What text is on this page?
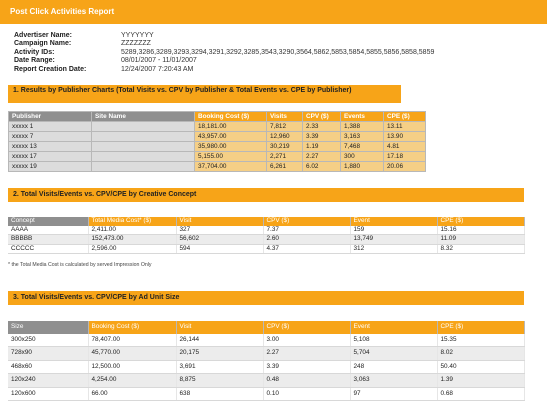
Post Click Activities Report
Advertiser Name:	YYYYYYY
Campaign Name:	ZZZZZZZ
Activity IDs:	5289,3286,3289,3293,3294,3291,3292,3285,3543,3290,3564,5862,5853,5854,5855,5856,5858,5859
Date Range:	08/01/2007 - 11/01/2007
Report Creation Date:	12/24/2007 7:20:43 AM
1. Results by Publisher Charts (Total Visits vs. CPV by Publisher & Total Events vs. CPE by Publisher)
Publisher	Site Name	Booking Cost ($)	Visits	CPV ($)	Events	CPE ($)
xxxxx 1		18,181.00	7,812	2.33	1,388	13.11
xxxxx 7		43,957.00	12,960	3.39	3,163	13.90
xxxxx 13		35,980.00	30,219	1.19	7,468	4.81
xxxxx 17		5,155.00	2,271	2.27	300	17.18
xxxxx 19		37,704.00	6,261	6.02	1,880	20.06
2. Total Visits/Events vs. CPV/CPE by Creative Concept
Concept	Total Media Cost* ($)	Visit	CPV ($)	Event	CPE ($)
AAAA	2,411.00	327	7.37	159	15.16
BBBBB	152,473.00	56,602	2.60	13,749	11.09
CCCCC	2,596.00	594	4.37	312	8.32
* the Total Media Cost is calculated by served Impression Only
3. Total Visits/Events vs. CPV/CPE by Ad Unit Size
Size	Booking Cost ($)	Visit	CPV ($)	Event	CPE ($)
300x250	78,407.00	26,144	3.00	5,108	15.35
728x90	45,770.00	20,175	2.27	5,704	8.02
468x60	12,500.00	3,691	3.39	248	50.40
120x240	4,254.00	8,875	0.48	3,063	1.39
120x600	66.00	638	0.10	97	0.68
